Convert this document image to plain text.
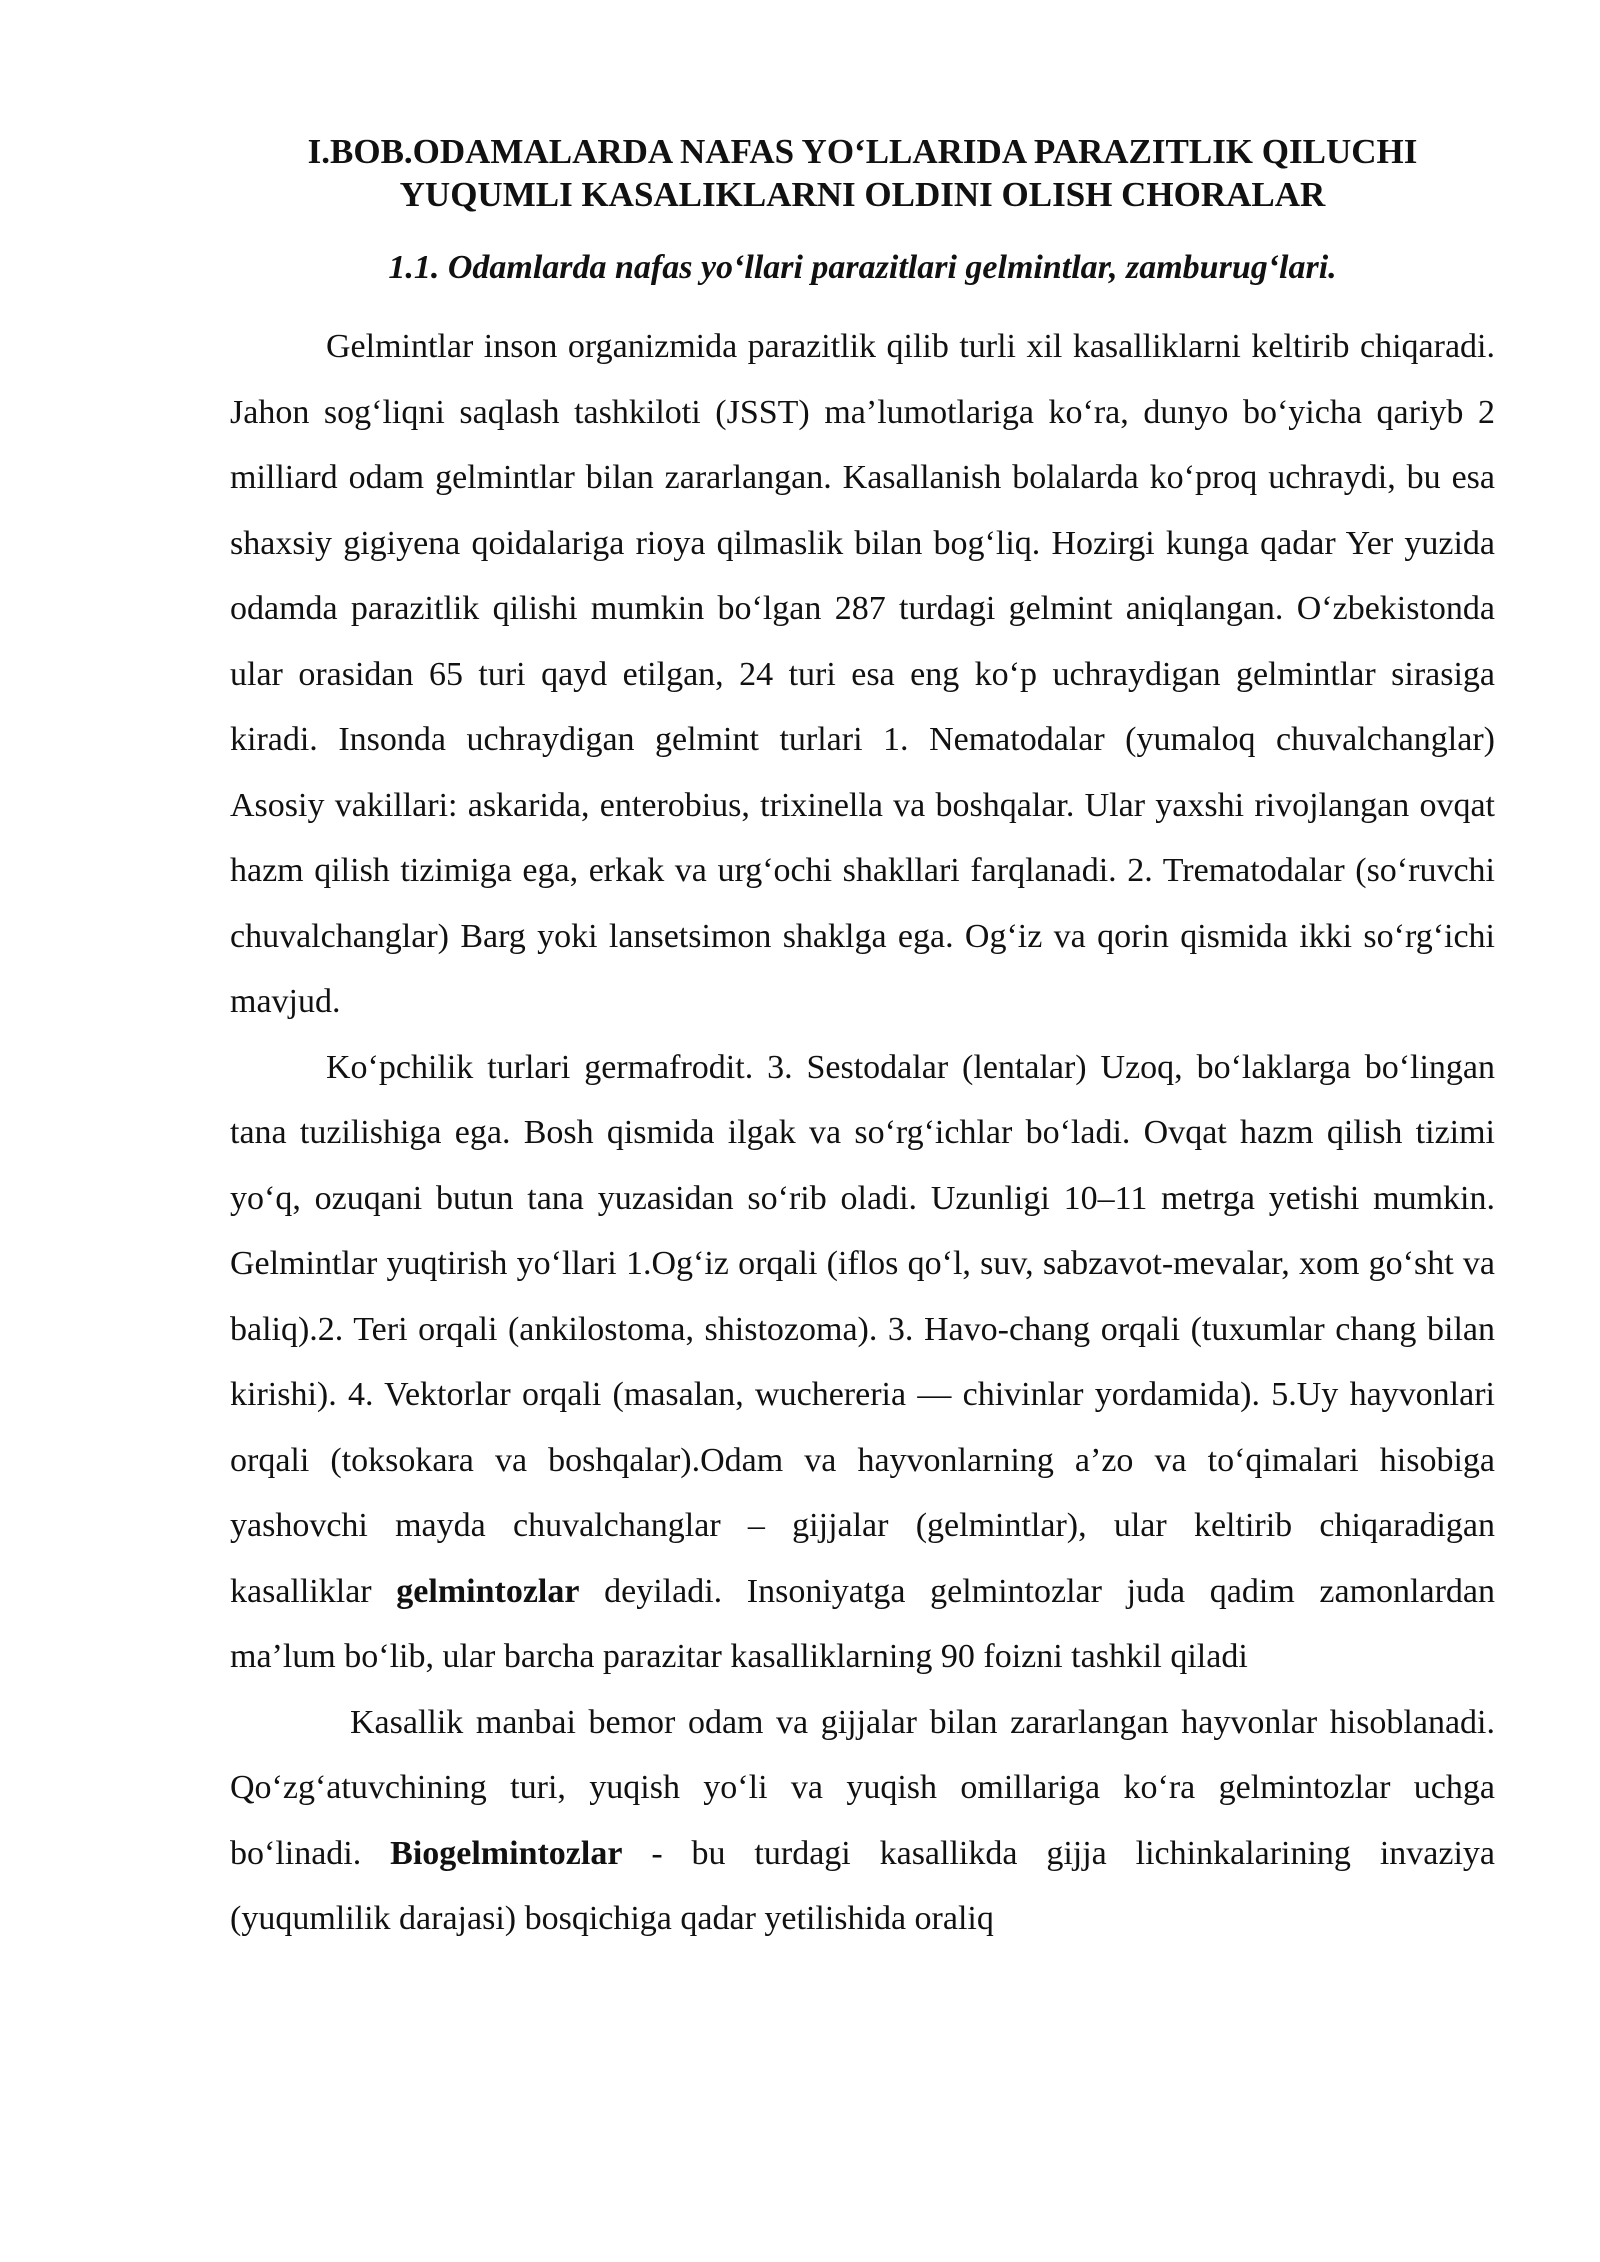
I.BOB.ODAMALARDA NAFAS YO‘LLARIDA PARAZITLIK QILUCHI YUQUMLI KASALIKLARNI OLDINI OLISH CHORALAR
1.1. Odamlarda nafas yo‘llari parazitlari gelmintlar, zamburug‘lari.

Gelmintlar inson organizmida parazitlik qilib turli xil kasalliklarni keltirib chiqaradi. Jahon sog‘liqni saqlash tashkiloti (JSST) ma’lumotlariga ko‘ra, dunyo bo‘yicha qariyb 2 milliard odam gelmintlar bilan zararlangan. Kasallanish bolalarda ko‘proq uchraydi, bu esa shaxsiy gigiyena qoidalariga rioya qilmaslik bilan bog‘liq. Hozirgi kunga qadar Yer yuzida odamda parazitlik qilishi mumkin bo‘lgan 287 turdagi gelmint aniqlangan. O‘zbekistonda ular orasidan 65 turi qayd etilgan, 24 turi esa eng ko‘p uchraydigan gelmintlar sirasiga kiradi. Insonda uchraydigan gelmint turlari 1. Nematodalar (yumaloq chuvalchanglar) Asosiy vakillari: askarida, enterobius, trixinella va boshqalar. Ular yaxshi rivojlangan ovqat hazm qilish tizimiga ega, erkak va urg‘ochi shakllari farqlanadi. 2. Trematodalar (so‘ruvchi chuvalchanglar) Barg yoki lansetsimon shaklga ega. Og‘iz va qorin qismida ikki so‘rg‘ichi mavjud.

Ko‘pchilik turlari germafrodit. 3. Sestodalar (lentalar) Uzoq, bo‘laklarga bo‘lingan tana tuzilishiga ega. Bosh qismida ilgak va so‘rg‘ichlar bo‘ladi. Ovqat hazm qilish tizimi yo‘q, ozuqani butun tana yuzasidan so‘rib oladi. Uzunligi 10–11 metrga yetishi mumkin. Gelmintlar yuqtirish yo‘llari 1.Og‘iz orqali (iflos qo‘l, suv, sabzavot-mevalar, xom go‘sht va baliq).2. Teri orqali (ankilostoma, shistozoma). 3. Havo-chang orqali (tuxumlar chang bilan kirishi). 4. Vektorlar orqali (masalan, wuchereria — chivinlar yordamida). 5.Uy hayvonlari orqali (toksokara va boshqalar).Odam va hayvonlarning a’zo va to‘qimalari hisobiga yashovchi mayda chuvalchanglar – gijjalar (gelmintlar), ular keltirib chiqaradigan kasalliklar gelmintozlar deyiladi. Insoniyatga gelmintozlar juda qadim zamonlardan ma’lum bo‘lib, ular barcha parazitar kasalliklarning 90 foizni tashkil qiladi

Kasallik manbai bemor odam va gijjalar bilan zararlangan hayvonlar hisoblanadi. Qo‘zg‘atuvchining turi, yuqish yo‘li va yuqish omillariga ko‘ra gelmintozlar uchga bo‘linadi. Biogelmintozlar - bu turdagi kasallikda gijja lichinkalarining invaziya (yuqumlilik darajasi) bosqichiga qadar yetilishida oraliq
